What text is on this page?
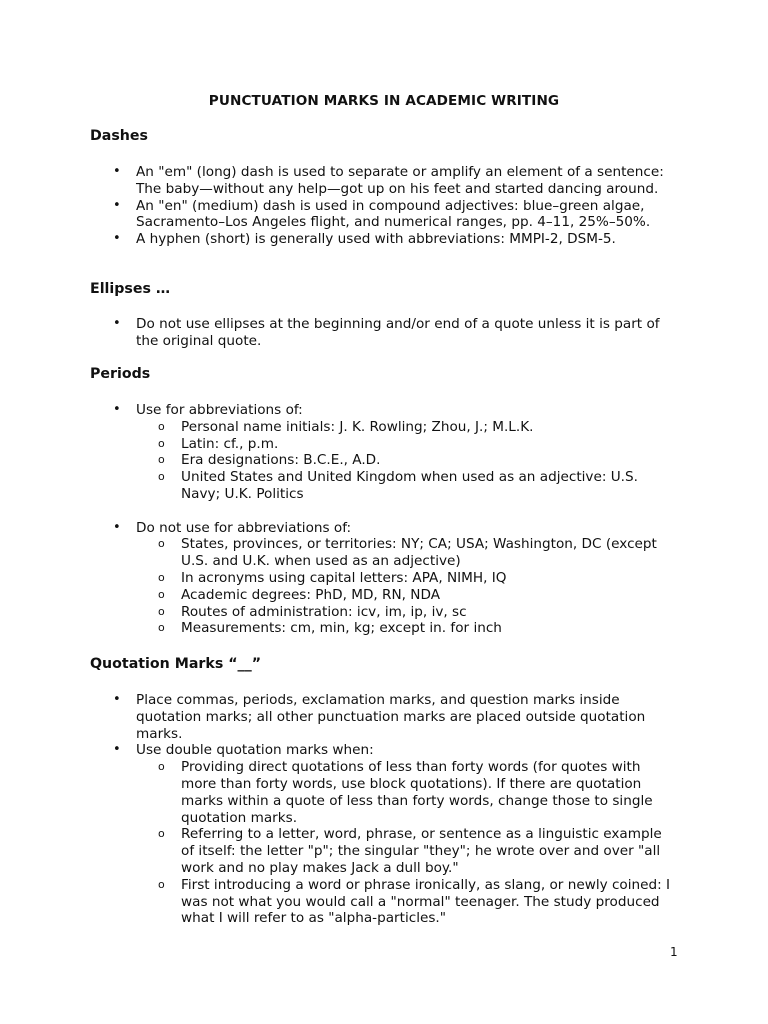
PUNCTUATION MARKS IN ACADEMIC WRITING
Dashes
• An "em" (long) dash is used to separate or amplify an element of a sentence: The baby—without any help—got up on his feet and started dancing around.
• An "en" (medium) dash is used in compound adjectives: blue–green algae, Sacramento–Los Angeles flight, and numerical ranges, pp. 4–11, 25%–50%.
• A hyphen (short) is generally used with abbreviations: MMPI-2, DSM-5.
Ellipses …
• Do not use ellipses at the beginning and/or end of a quote unless it is part of the original quote.
Periods
• Use for abbreviations of:
o Personal name initials: J. K. Rowling; Zhou, J.; M.L.K.
o Latin: cf., p.m.
o Era designations: B.C.E., A.D.
o United States and United Kingdom when used as an adjective: U.S. Navy; U.K. Politics
• Do not use for abbreviations of:
o States, provinces, or territories: NY; CA; USA; Washington, DC (except U.S. and U.K. when used as an adjective)
o In acronyms using capital letters: APA, NIMH, IQ
o Academic degrees: PhD, MD, RN, NDA
o Routes of administration: icv, im, ip, iv, sc
o Measurements: cm, min, kg; except in. for inch
Quotation Marks “__”
• Place commas, periods, exclamation marks, and question marks inside quotation marks; all other punctuation marks are placed outside quotation marks.
• Use double quotation marks when:
o Providing direct quotations of less than forty words (for quotes with more than forty words, use block quotations). If there are quotation marks within a quote of less than forty words, change those to single quotation marks.
o Referring to a letter, word, phrase, or sentence as a linguistic example of itself: the letter "p"; the singular "they"; he wrote over and over "all work and no play makes Jack a dull boy."
o First introducing a word or phrase ironically, as slang, or newly coined: I was not what you would call a "normal" teenager. The study produced what I will refer to as "alpha-particles."
1
